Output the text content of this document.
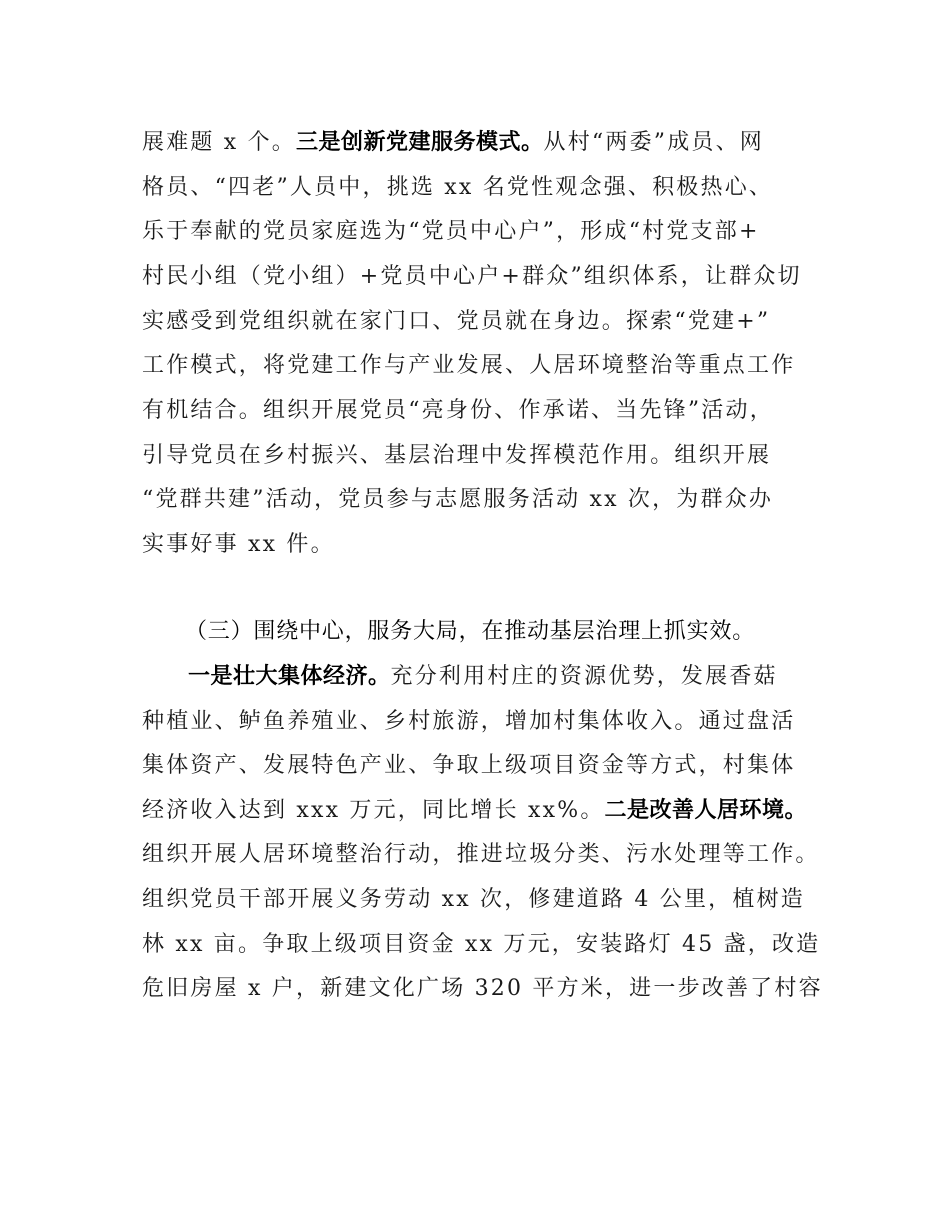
展难题 x 个。三是创新党建服务模式。从村“两委”成员、网
格员、“四老”人员中，挑选 xx 名党性观念强、积极热心、
乐于奉献的党员家庭选为“党员中心户”，形成“村党支部+
村民小组（党小组）+党员中心户+群众”组织体系，让群众切
实感受到党组织就在家门口、党员就在身边。探索“党建+”
工作模式，将党建工作与产业发展、人居环境整治等重点工作
有机结合。组织开展党员“亮身份、作承诺、当先锋”活动，
引导党员在乡村振兴、基层治理中发挥模范作用。组织开展
“党群共建”活动，党员参与志愿服务活动 xx 次，为群众办
实事好事 xx 件。
（三）围绕中心，服务大局，在推动基层治理上抓实效。
一是壮大集体经济。充分利用村庄的资源优势，发展香菇
种植业、鲈鱼养殖业、乡村旅游，增加村集体收入。通过盘活
集体资产、发展特色产业、争取上级项目资金等方式，村集体
经济收入达到 xxx 万元，同比增长 xx%。二是改善人居环境。
组织开展人居环境整治行动，推进垃圾分类、污水处理等工作。
组织党员干部开展义务劳动 xx 次，修建道路 4 公里，植树造
林 xx 亩。争取上级项目资金 xx 万元，安装路灯 45 盏，改造
危旧房屋 x 户，新建文化广场 320 平方米，进一步改善了村容
